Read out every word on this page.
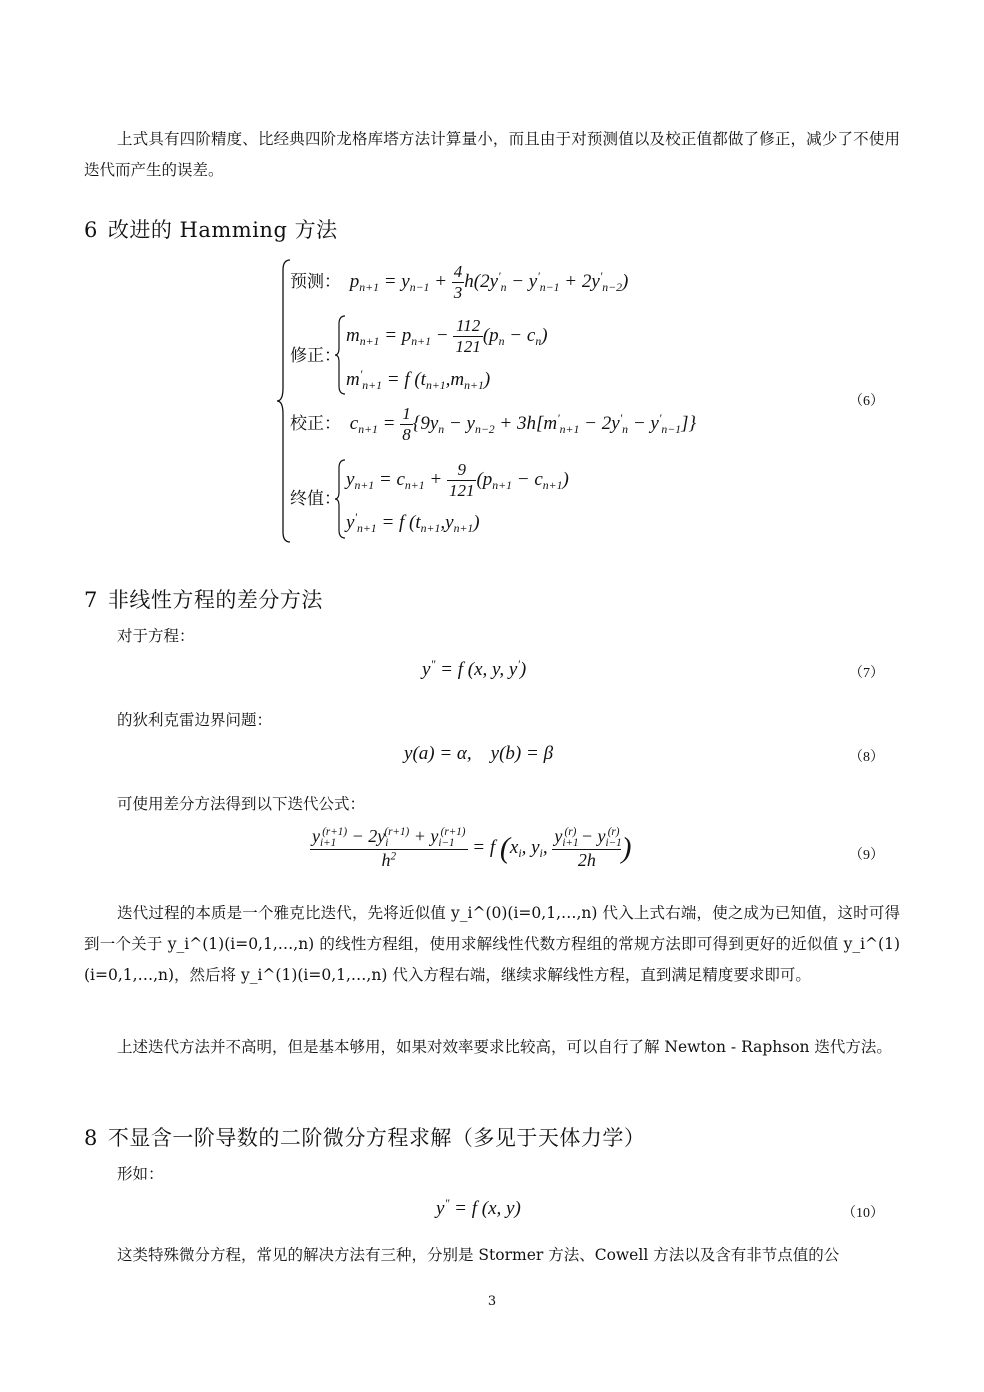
上式具有四阶精度、比经典四阶龙格库塔方法计算量小，而且由于对预测值以及校正值都做了修正，减少了不使用迭代而产生的误差。

6 改进的 Hamming 方法
预测： $p_{n+1} = y_{n-1} + \frac{4}{3} h(2y'_n - y'_{n-1} + 2y'_{n-2})$
修正：
$m_{n+1} = p_{n+1} - \frac{112}{121} (p_n - c_n)$
$m'_{n+1} = f$ $(t_{n+1},m_{n+1})$
校正： $c_{n+1} = \frac{1}{8} \{9y_n - y_{n-2} + 3h[m'_{n+1} - 2y'_n - y'_{n-1}]\}$
（6）
终值：
$y_{n+1} = c_{n+1} + \frac{9}{121} (p_{n+1} - c_{n+1})$
$y'_{n+1} = f$ $(t_{n+1},y_{n+1})$
7 非线性方程的差分方法

对于方程：

y" = f (x, y, y')	（7）

的狄利克雷边界问题：

y(a) = α,    y(b) = β	（8）

可使用差分方法得到以下迭代公式：

$\frac{y_{i+1}^{(r+1)} - 2y_i^{(r+1)} + y_{i-1}^{(r+1)}}{h^2} = f$ ($x_i$, $y_i$, $\frac{y_{i+1}^{(r)} - y_{i-1}^{(r)}}{2h}$ )	（9）

迭代过程的本质是一个雅克比迭代，先将近似值 y_i^(0)(i=0,1,…,n) 代入上式右端，使之成为已知值，这时可得到一个关于 y_i^(1)(i=0,1,…,n) 的线性方程组，使用求解线性代数方程组的常规方法即可得到更好的近似值 y_i^(1)(i=0,1,…,n)，然后将 y_i^(1)(i=0,1,…,n) 代入方程右端，继续求解线性方程，直到满足精度要求即可。

上述迭代方法并不高明，但是基本够用，如果对效率要求比较高，可以自行了解 Newton - Raphson 迭代方法。

8 不显含一阶导数的二阶微分方程求解（多见于天体力学）

形如：

y" = f (x, y)	（10）

这类特殊微分方程，常见的解决方法有三种，分别是 Stormer 方法、Cowell 方法以及含有非节点值的公

3
